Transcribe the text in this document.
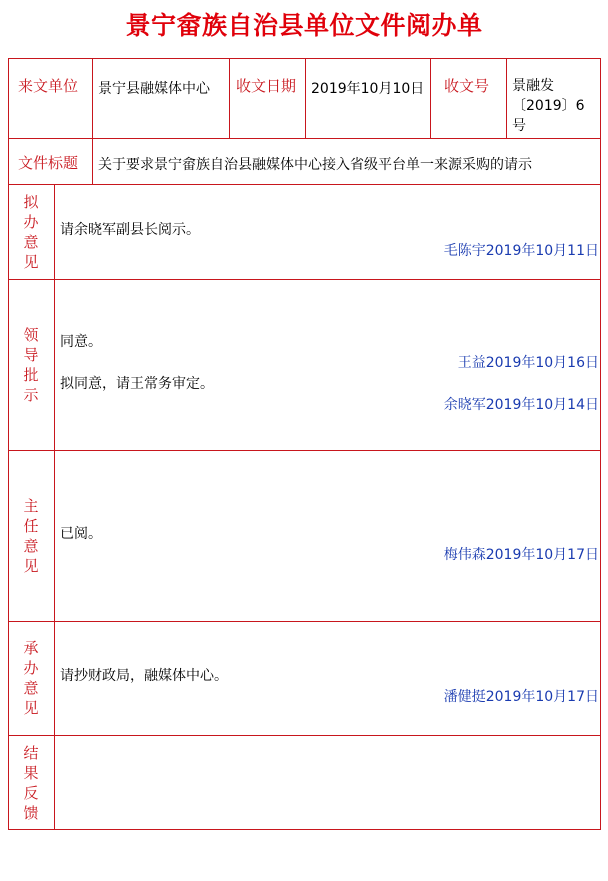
景宁畲族自治县单位文件阅办单
来文单位 景宁县融媒体中心 收文日期 2019年10月10日 收文号 景融发〔2019〕6号
文件标题 关于要求景宁畲族自治县融媒体中心接入省级平台单一来源采购的请示
拟办意见
请余晓军副县长阅示。
毛陈宇2019年10月11日
领导批示
同意。
王益2019年10月16日
拟同意，请王常务审定。
余晓军2019年10月14日
主任意见
已阅。
梅伟森2019年10月17日
承办意见
请抄财政局，融媒体中心。
潘健挺2019年10月17日
结果反馈
